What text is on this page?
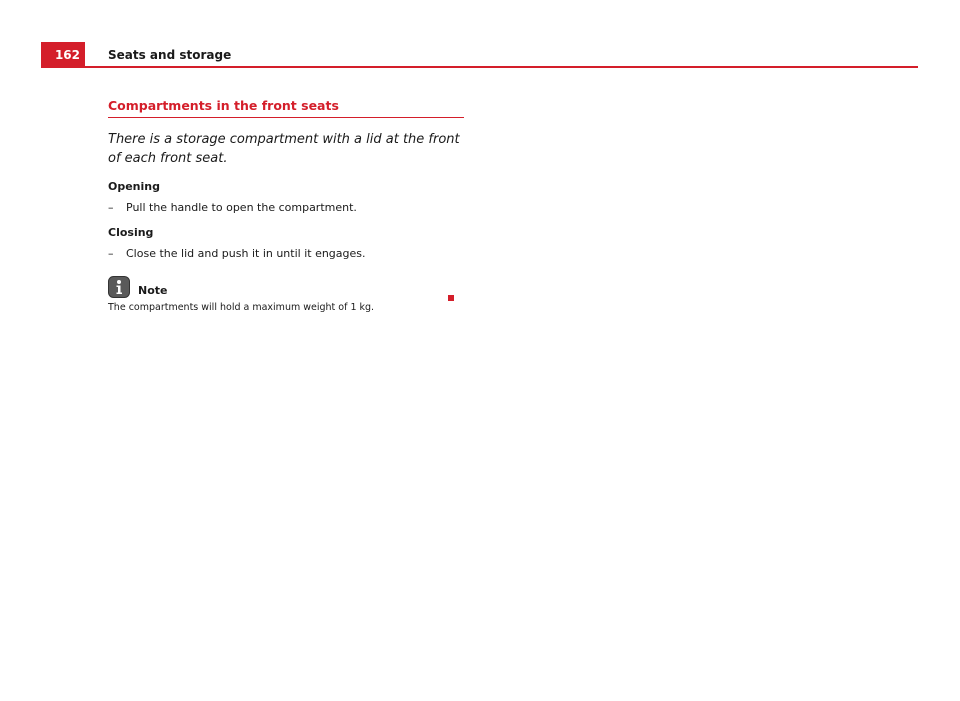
162	Seats and storage
Compartments in the front seats

There is a storage compartment with a lid at the front of each front seat.

Opening
–	Pull the handle to open the compartment.
Closing
–	Close the lid and push it in until it engages.
Note
The compartments will hold a maximum weight of 1 kg.
